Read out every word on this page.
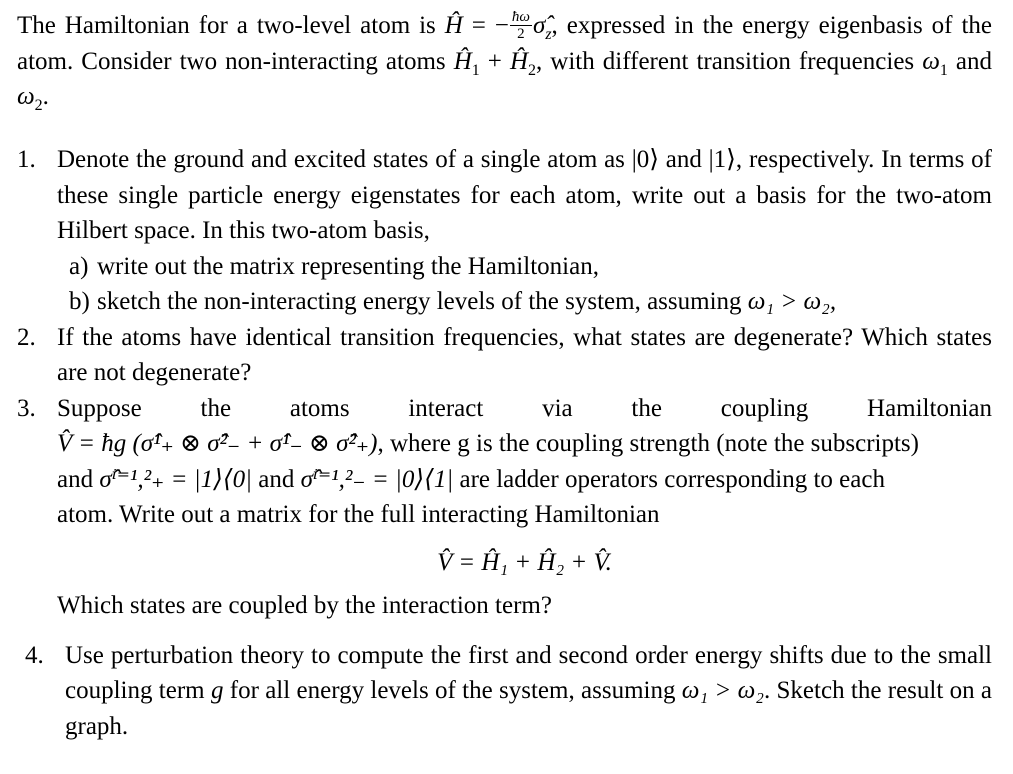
The Hamiltonian for a two-level atom is Ĥ = − $\frac{ħ\omega}{2}$ $\sigmâ_z$, expressed in the energy eigenbasis of the atom. Consider two non-interacting atoms $Ĥ_1$ + $Ĥ_2$, with different transition frequencies $\omega_1$ and $\omega_2$.
1. Denote the ground and excited states of a single atom as |0⟩ and |1⟩, respectively. In terms of these single particle energy eigenstates for each atom, write out a basis for the two-atom Hilbert space. In this two-atom basis,
a) write out the matrix representing the Hamiltonian,
b) sketch the non-interacting energy levels of the system, assuming ω₁ > ω₂,
2. If the atoms have identical transition frequencies, what states are degenerate? Which states are not degenerate?
3. Suppose the atoms interact via the coupling Hamiltonian
V̂ = ħg (σ̂¹₊ ⊗ σ̂²₋ + σ̂¹₋ ⊗ σ̂²₊), where g is the coupling strength (note the subscripts)
and σ̂ⁱ⁼¹,²₊ = |1⟩⟨0| and σ̂ⁱ⁼¹,²₋ = |0⟩⟨1| are ladder operators corresponding to each
atom. Write out a matrix for the full interacting Hamiltonian
V̂ = Ĥ₁ + Ĥ₂ + V̂.
Which states are coupled by the interaction term?
4. Use perturbation theory to compute the first and second order energy shifts due to the small coupling term g for all energy levels of the system, assuming ω₁ > ω₂. Sketch the result on a graph.
